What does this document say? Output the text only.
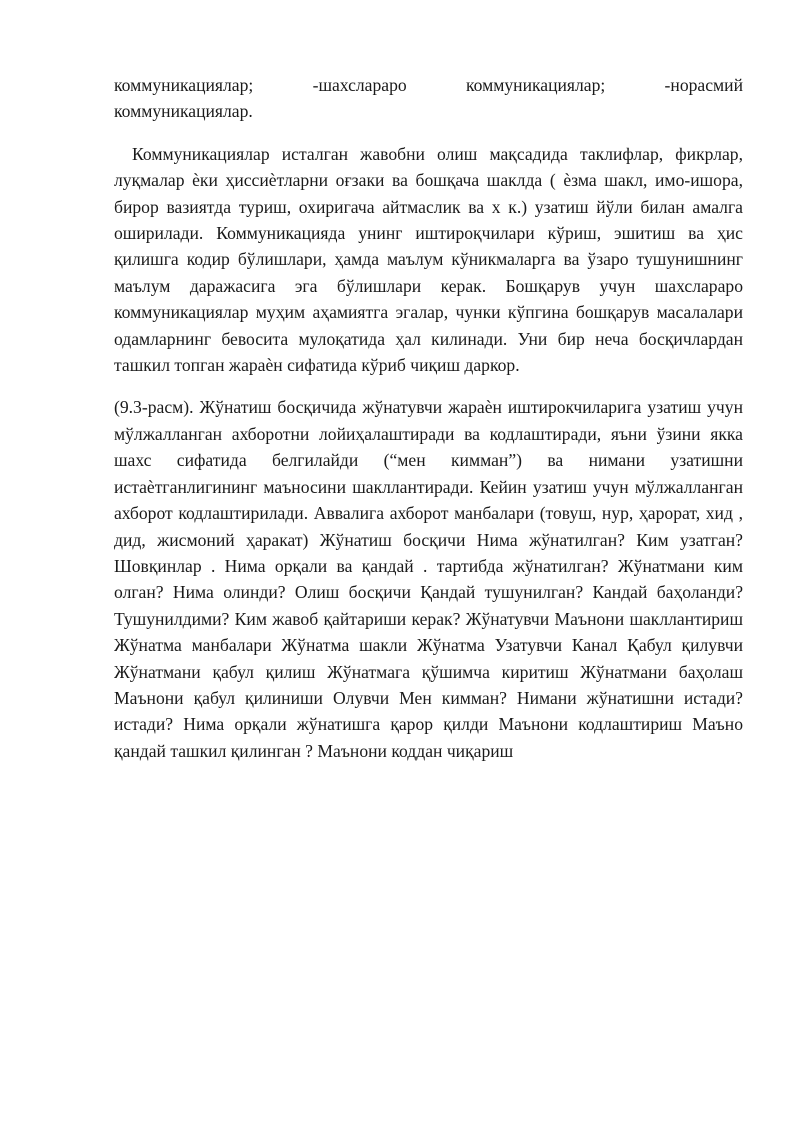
коммуникациялар; -шахслараро коммуникациялар; -норасмий

коммуникациялар.

Коммуникациялар исталган жавобни олиш мақсадида таклифлар, фикрлар, луқмалар ѐки ҳиссиѐтларни оғзаки ва бошқача шаклда ( ѐзма шакл, имо-ишора, бирор вазиятда туриш, охиригача айтмаслик ва х к.) узатиш йўли билан амалга оширилади. Коммуникацияда унинг иштироқчилари кўриш, эшитиш ва ҳис қилишга кодир бўлишлари, ҳамда маълум кўникмаларга ва ўзаро тушунишнинг маълум даражасига эга бўлишлари керак. Бошқарув учун шахслараро коммуникациялар муҳим аҳамиятга эгалар, чунки кўпгина бошқарув масалалари одамларнинг бевосита мулоқатида ҳал килинади. Уни бир неча босқичлардан ташкил топган жараѐн сифатида кўриб чиқиш даркор.

(9.3-расм). Жўнатиш босқичида жўнатувчи жараѐн иштирокчиларига узатиш учун мўлжалланган ахборотни лойиҳалаштиради ва кодлаштиради, яъни ўзини якка шахс сифатида белгилайди (“мен кимман”) ва нимани узатишни истаѐтганлигининг маъносини шакллантиради. Кейин узатиш учун мўлжалланган ахборот кодлаштирилади. Аввалига ахборот манбалари (товуш, нур, ҳарорат, хид , дид, жисмоний ҳаракат) Жўнатиш босқичи Нима жўнатилган? Ким узатган? Шовқинлар . Нима орқали ва қандай . тартибда жўнатилган? Жўнатмани ким олган? Нима олинди? Олиш босқичи Қандай тушунилган? Кандай баҳоланди? Тушунилдими? Ким жавоб қайтариши керак? Жўнатувчи Маънони шакллантириш Жўнатма манбалари Жўнатма шакли Жўнатма Узатувчи Канал Қабул қилувчи Жўнатмани қабул қилиш Жўнатмага қўшимча киритиш Жўнатмани баҳолаш Маънони қабул қилиниши Олувчи Мен кимман? Нимани жўнатишни истади? истади? Нима орқали жўнатишга қарор қилди Маънони кодлаштириш Маъно қандай ташкил қилинган ? Маънони коддан чиқариш
